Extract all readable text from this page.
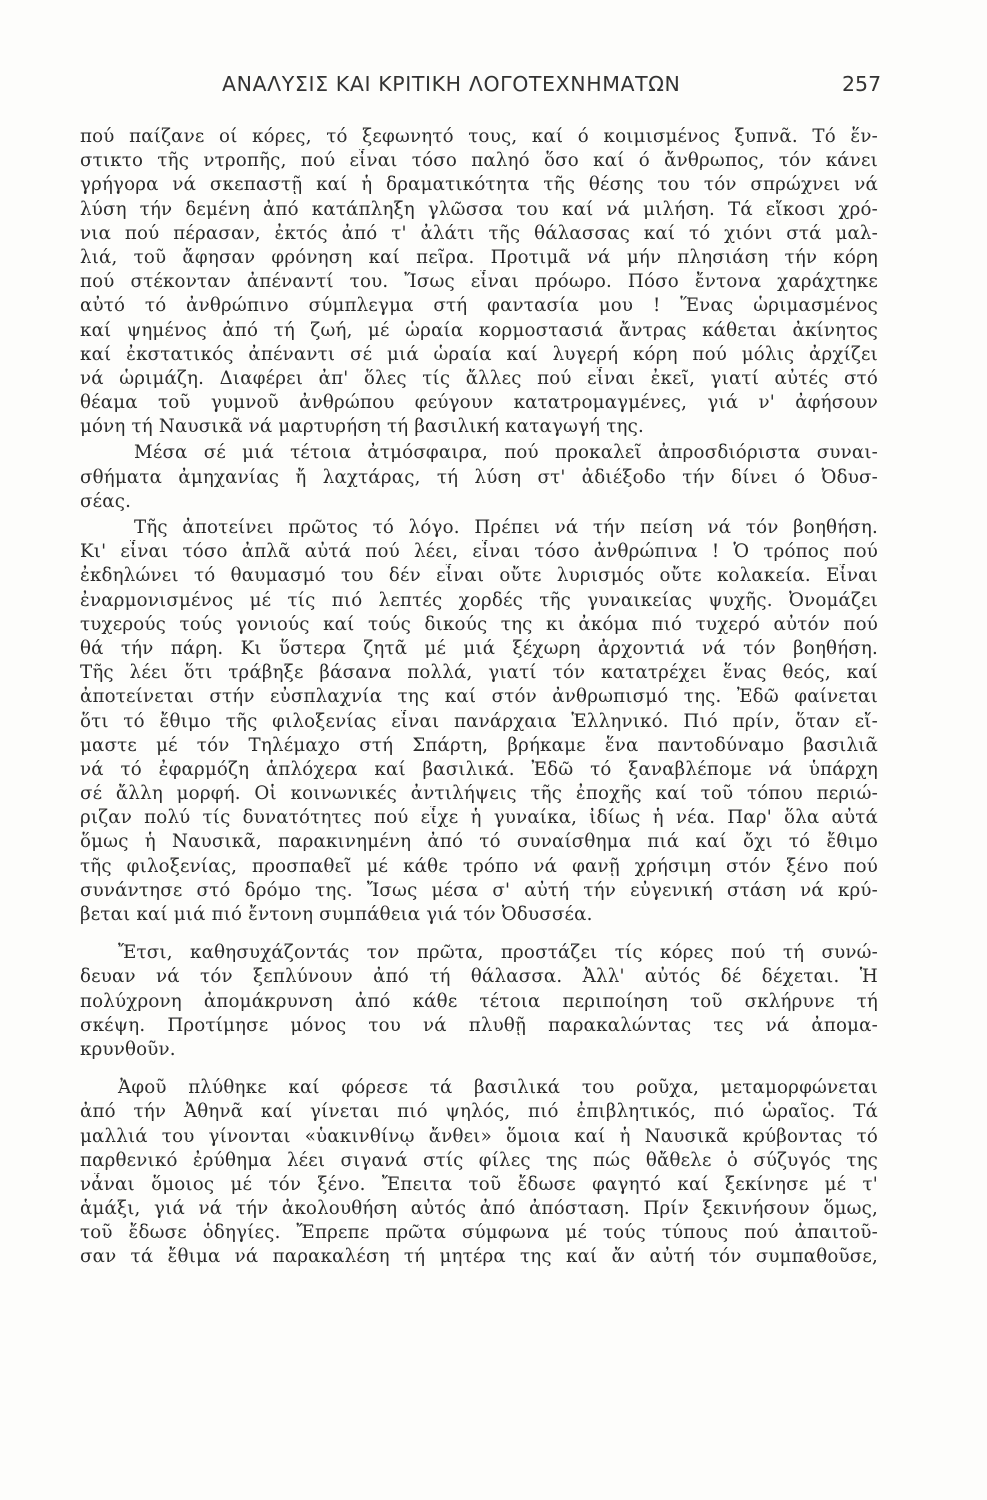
ΑΝΑΛΥΣΙΣ ΚΑΙ ΚΡΙΤΙΚΗ ΛΟΓΟΤΕΧΝΗΜΑΤΩΝ	257
πού παίζανε οί κόρες, τό ξεφωνητό τους, καί ό κοιμισμένος ξυπνᾶ. Τό ἕν-
στικτο τῆς ντροπῆς, πού εἶναι τόσο παληό ὅσο καί ό ἄνθρωπος, τόν κάνει
γρήγορα νά σκεπαστῇ καί ἡ δραματικότητα τῆς θέσης του τόν σπρώχνει νά
λύση τήν δεμένη ἀπό κατάπληξη γλῶσσα του καί νά μιλήση. Τά εἴκοσι χρό-
νια πού πέρασαν, ἐκτός ἀπό τ' ἀλάτι τῆς θάλασσας καί τό χιόνι στά μαλ-
λιά, τοῦ ἄφησαν φρόνηση καί πεῖρα. Προτιμᾶ νά μήν πλησιάση τήν κόρη
πού στέκονταν ἀπέναντί του. Ἴσως εἶναι πρόωρο. Πόσο ἔντονα χαράχτηκε
αὐτό τό ἀνθρώπινο σύμπλεγμα στή φαντασία μου ! Ἕνας ὡριμασμένος
καί ψημένος ἀπό τή ζωή, μέ ὡραία κορμοστασιά ἄντρας κάθεται ἀκίνητος
καί ἐκστατικός ἀπέναντι σέ μιά ὡραία καί λυγερή κόρη πού μόλις ἀρχίζει
νά ὡριμάζη. Διαφέρει ἀπ' ὅλες τίς ἄλλες πού εἶναι ἐκεῖ, γιατί αὐτές στό
θέαμα τοῦ γυμνοῦ ἀνθρώπου φεύγουν κατατρομαγμένες, γιά ν' ἀφήσουν
μόνη τή Ναυσικᾶ νά μαρτυρήση τή βασιλική καταγωγή της.
Μέσα σέ μιά τέτοια ἀτμόσφαιρα, πού προκαλεῖ ἀπροσδιόριστα συναι-
σθήματα ἀμηχανίας ἤ λαχτάρας, τή λύση στ' ἀδιέξοδο τήν δίνει ό Ὀδυσ-
σέας.
Τῆς ἀποτείνει πρῶτος τό λόγο. Πρέπει νά τήν πείση νά τόν βοηθήση.
Κι' εἶναι τόσο ἀπλᾶ αὐτά πού λέει, εἶναι τόσο ἀνθρώπινα ! Ὁ τρόπος πού
ἐκδηλώνει τό θαυμασμό του δέν εἶναι οὔτε λυρισμός οὔτε κολακεία. Εἶναι
ἐναρμονισμένος μέ τίς πιό λεπτές χορδές τῆς γυναικείας ψυχῆς. Ὀνομάζει
τυχερούς τούς γονιούς καί τούς δικούς της κι ἀκόμα πιό τυχερό αὐτόν πού
θά τήν πάρη. Κι ὕστερα ζητᾶ μέ μιά ξέχωρη ἀρχοντιά νά τόν βοηθήση.
Τῆς λέει ὅτι τράβηξε βάσανα πολλά, γιατί τόν κατατρέχει ἕνας θεός, καί
ἀποτείνεται στήν εὐσπλαχνία της καί στόν ἀνθρωπισμό της. Ἐδῶ φαίνεται
ὅτι τό ἔθιμο τῆς φιλοξενίας εἶναι πανάρχαια Ἑλληνικό. Πιό πρίν, ὅταν εἴ-
μαστε μέ τόν Τηλέμαχο στή Σπάρτη, βρήκαμε ἕνα παντοδύναμο βασιλιᾶ
νά τό ἐφαρμόζη ἁπλόχερα καί βασιλικά. Ἐδῶ τό ξαναβλέπομε νά ὑπάρχη
σέ ἄλλη μορφή. Οἱ κοινωνικές ἀντιλήψεις τῆς ἐποχῆς καί τοῦ τόπου περιώ-
ριζαν πολύ τίς δυνατότητες πού εἶχε ἡ γυναίκα, ἰδίως ἡ νέα. Παρ' ὅλα αὐτά
ὅμως ἡ Ναυσικᾶ, παρακινημένη ἀπό τό συναίσθημα πιά καί ὄχι τό ἔθιμο
τῆς φιλοξενίας, προσπαθεῖ μέ κάθε τρόπο νά φανῇ χρήσιμη στόν ξένο πού
συνάντησε στό δρόμο της. Ἴσως μέσα σ' αὐτή τήν εὐγενική στάση νά κρύ-
βεται καί μιά πιό ἔντονη συμπάθεια γιά τόν Ὀδυσσέα.
Ἔτσι, καθησυχάζοντάς τον πρῶτα, προστάζει τίς κόρες πού τή συνώ-
δευαν νά τόν ξεπλύνουν ἀπό τή θάλασσα. Ἀλλ' αὐτός δέ δέχεται. Ἡ
πολύχρονη ἀπομάκρυνση ἀπό κάθε τέτοια περιποίηση τοῦ σκλήρυνε τή
σκέψη. Προτίμησε μόνος του νά πλυθῇ παρακαλώντας τες νά ἀπομα-
κρυνθοῦν.
Ἀφοῦ πλύθηκε καί φόρεσε τά βασιλικά του ροῦχα, μεταμορφώνεται
ἀπό τήν Ἀθηνᾶ καί γίνεται πιό ψηλός, πιό ἐπιβλητικός, πιό ὡραῖος. Τά
μαλλιά του γίνονται «ὑακινθίνῳ ἄνθει» ὅμοια καί ἡ Ναυσικᾶ κρύβοντας τό
παρθενικό ἐρύθημα λέει σιγανά στίς φίλες της πώς θἄθελε ὁ σύζυγός της
νἆναι ὅμοιος μέ τόν ξένο. Ἔπειτα τοῦ ἔδωσε φαγητό καί ξεκίνησε μέ τ'
ἁμάξι, γιά νά τήν ἀκολουθήση αὐτός ἀπό ἀπόσταση. Πρίν ξεκινήσουν ὅμως,
τοῦ ἔδωσε ὁδηγίες. Ἔπρεπε πρῶτα σύμφωνα μέ τούς τύπους πού ἀπαιτοῦ-
σαν τά ἔθιμα νά παρακαλέση τή μητέρα της καί ἄν αὐτή τόν συμπαθοῦσε,
